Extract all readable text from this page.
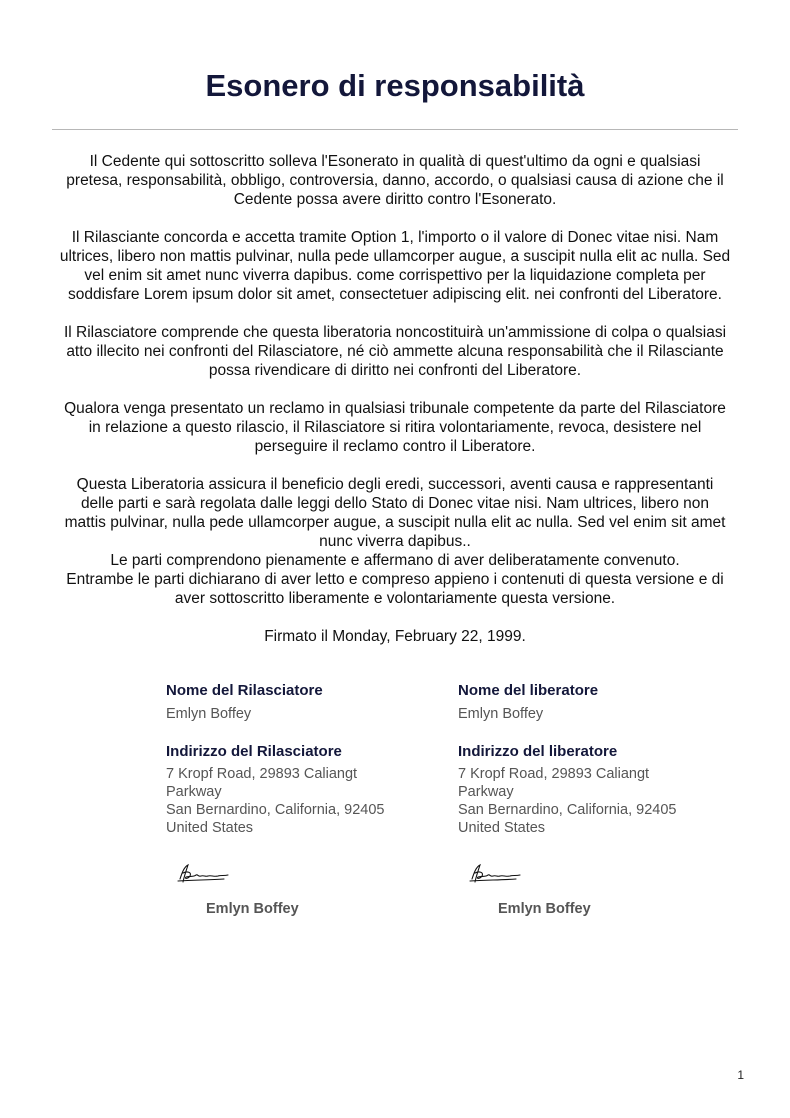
Esonero di responsabilità

Il Cedente qui sottoscritto solleva l'Esonerato in qualità di quest'ultimo da ogni e qualsiasi
pretesa, responsabilità, obbligo, controversia, danno, accordo, o qualsiasi causa di azione che il
Cedente possa avere diritto contro l'Esonerato.

Il Rilasciante concorda e accetta tramite Option 1, l'importo o il valore di Donec vitae nisi. Nam
ultrices, libero non mattis pulvinar, nulla pede ullamcorper augue, a suscipit nulla elit ac nulla. Sed
vel enim sit amet nunc viverra dapibus. come corrispettivo per la liquidazione completa per
soddisfare Lorem ipsum dolor sit amet, consectetuer adipiscing elit. nei confronti del Liberatore.

Il Rilasciatore comprende che questa liberatoria noncostituirà un'ammissione di colpa o qualsiasi
atto illecito nei confronti del Rilasciatore, né ciò ammette alcuna responsabilità che il Rilasciante
possa rivendicare di diritto nei confronti del Liberatore.

Qualora venga presentato un reclamo in qualsiasi tribunale competente da parte del Rilasciatore
in relazione a questo rilascio, il Rilasciatore si ritira volontariamente, revoca, desistere nel
perseguire il reclamo contro il Liberatore.

Questa Liberatoria assicura il beneficio degli eredi, successori, aventi causa e rappresentanti
delle parti e sarà regolata dalle leggi dello Stato di Donec vitae nisi. Nam ultrices, libero non
mattis pulvinar, nulla pede ullamcorper augue, a suscipit nulla elit ac nulla. Sed vel enim sit amet
nunc viverra dapibus..
Le parti comprendono pienamente e affermano di aver deliberatamente convenuto.
Entrambe le parti dichiarano di aver letto e compreso appieno i contenuti di questa versione e di
aver sottoscritto liberamente e volontariamente questa versione.

Firmato il Monday, February 22, 1999.

Nome del Rilasciatore

Emlyn Boffey

Indirizzo del Rilasciatore

7 Kropf Road, 29893 Caliangt
Parkway
San Bernardino, California, 92405
United States

Emlyn Boffey

Nome del liberatore

Emlyn Boffey

Indirizzo del liberatore

7 Kropf Road, 29893 Caliangt
Parkway
San Bernardino, California, 92405
United States

Emlyn Boffey

1
